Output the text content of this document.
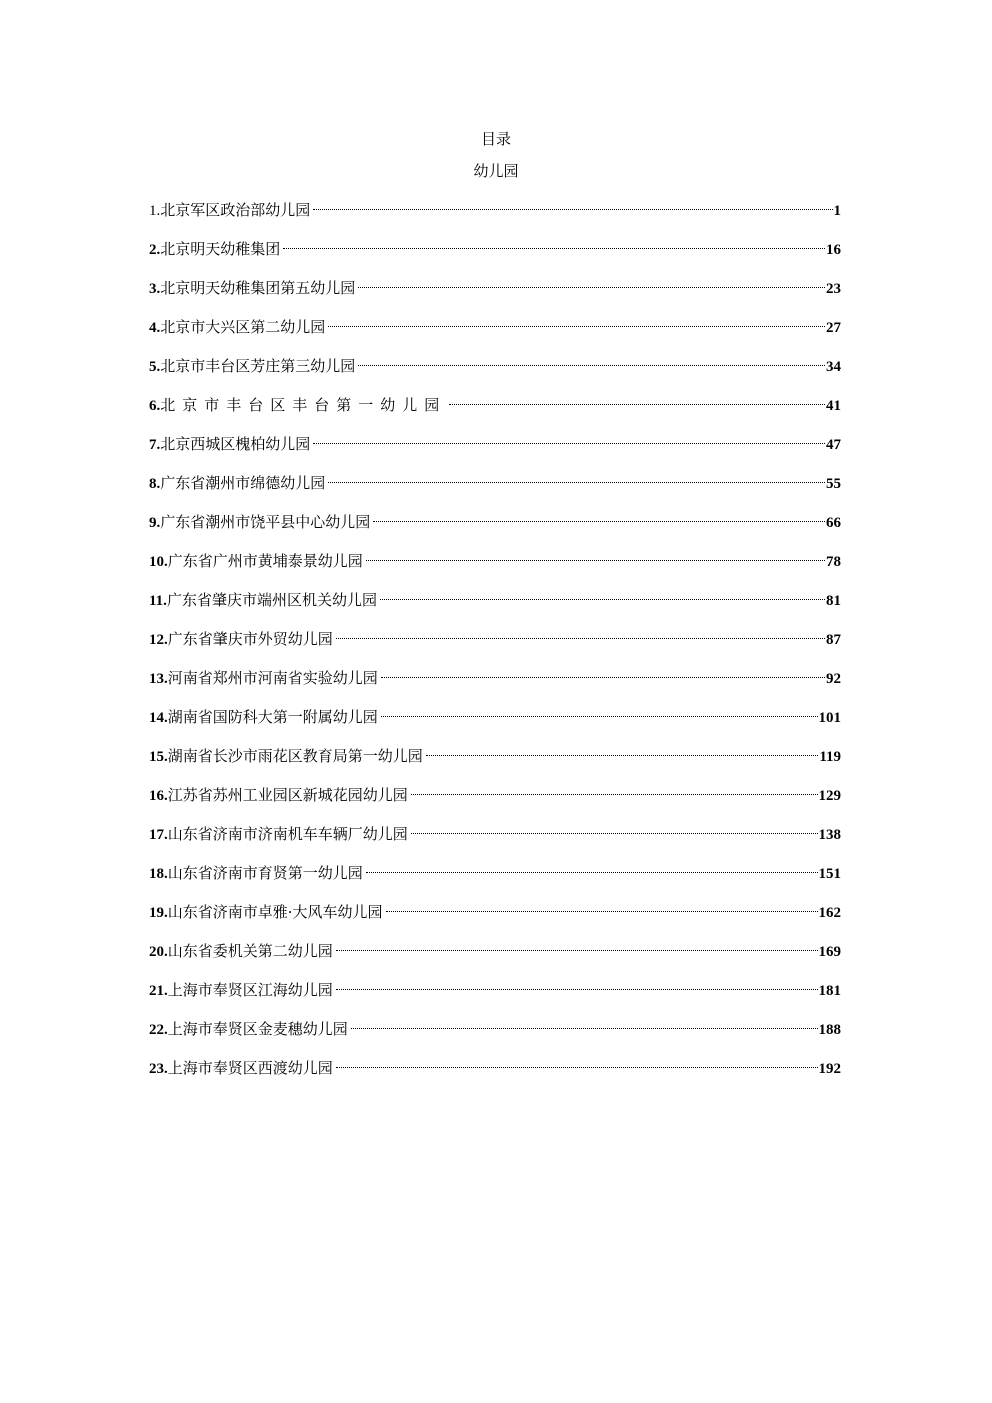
目录
幼儿园
1. 北京军区政治部幼儿园	1
2. 北京明天幼稚集团	16
3. 北京明天幼稚集团第五幼儿园	23
4. 北京市大兴区第二幼儿园	27
5. 北京市丰台区芳庄第三幼儿园	34
6. 北京市丰台区丰台第一幼儿园	41
7. 北京西城区槐柏幼儿园	47
8. 广东省潮州市绵德幼儿园	55
9. 广东省潮州市饶平县中心幼儿园	66
10. 广东省广州市黄埔泰景幼儿园	78
11. 广东省肇庆市端州区机关幼儿园	81
12. 广东省肇庆市外贸幼儿园	87
13. 河南省郑州市河南省实验幼儿园	92
14. 湖南省国防科大第一附属幼儿园	101
15. 湖南省长沙市雨花区教育局第一幼儿园	119
16. 江苏省苏州工业园区新城花园幼儿园	129
17. 山东省济南市济南机车车辆厂幼儿园	138
18. 山东省济南市育贤第一幼儿园	151
19. 山东省济南市卓雅·大风车幼儿园	162
20. 山东省委机关第二幼儿园	169
21. 上海市奉贤区江海幼儿园	181
22. 上海市奉贤区金麦穗幼儿园	188
23. 上海市奉贤区西渡幼儿园	192
